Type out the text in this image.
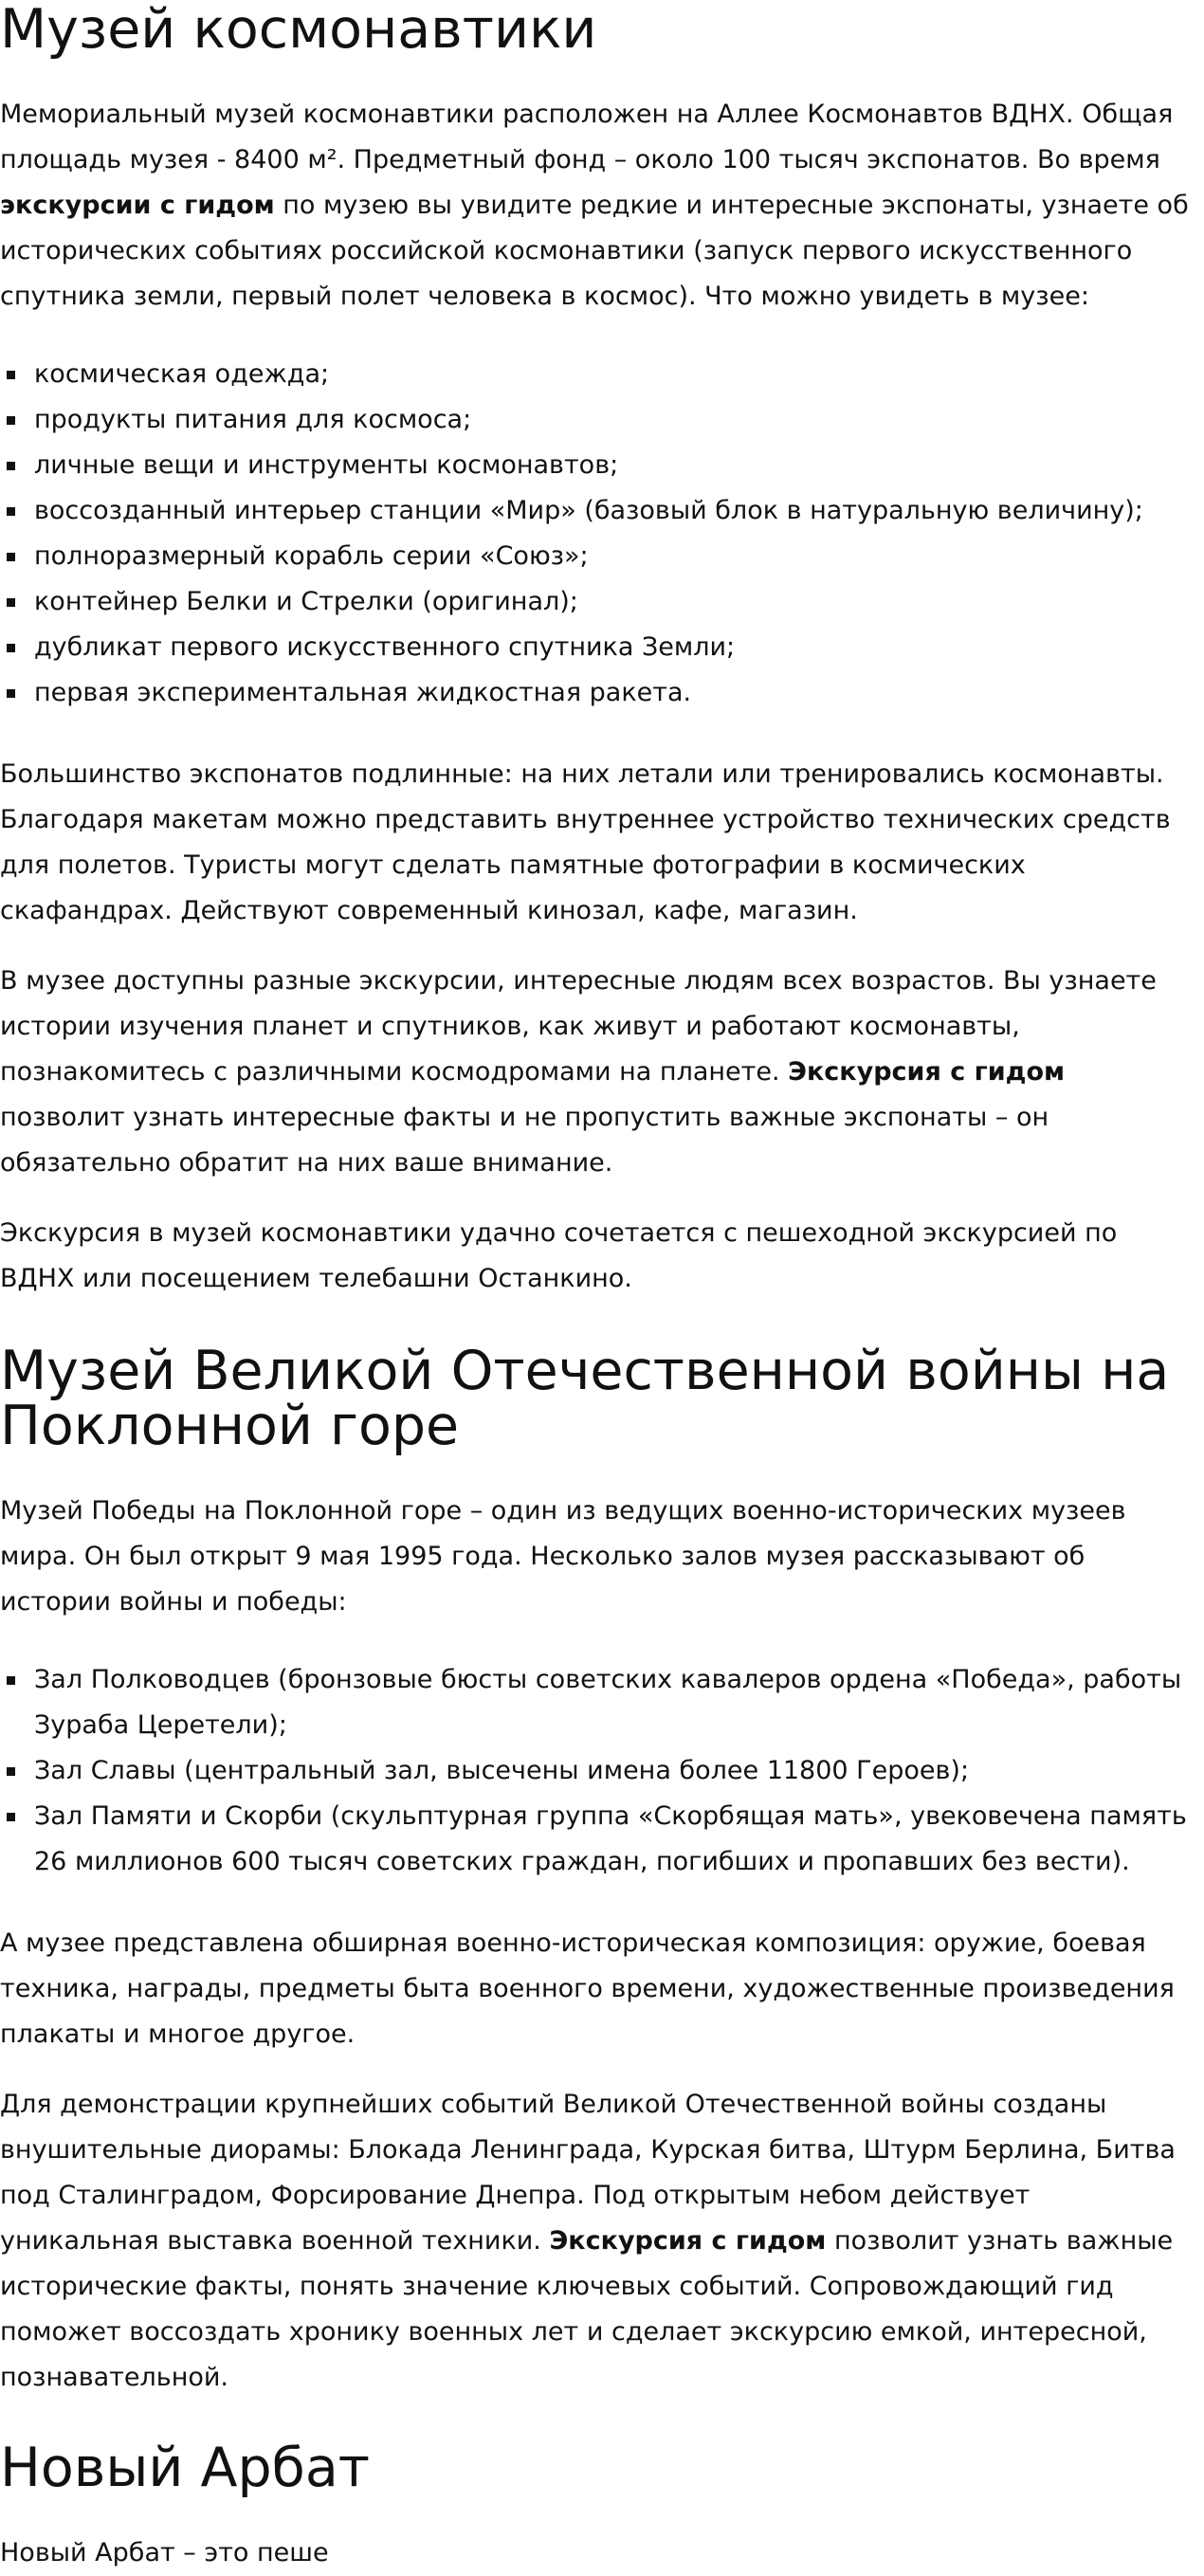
Музей космонавтики

Мемориальный музей космонавтики расположен на Аллее Космонавтов ВДНХ. Общая площадь музея - 8400 м². Предметный фонд – около 100 тысяч экспонатов. Во время экскурсии с гидом по музею вы увидите редкие и интересные экспонаты, узнаете об исторических событиях российской космонавтики (запуск первого искусственного спутника земли, первый полет человека в космос). Что можно увидеть в музее:

космическая одежда;
продукты питания для космоса;
личные вещи и инструменты космонавтов;
воссозданный интерьер станции «Мир» (базовый блок в натуральную величину);
полноразмерный корабль серии «Союз»;
контейнер Белки и Стрелки (оригинал);
дубликат первого искусственного спутника Земли;
первая экспериментальная жидкостная ракета.

Большинство экспонатов подлинные: на них летали или тренировались космонавты. Благодаря макетам можно представить внутреннее устройство технических средств для полетов. Туристы могут сделать памятные фотографии в космических скафандрах. Действуют современный кинозал, кафе, магазин.

В музее доступны разные экскурсии, интересные людям всех возрастов. Вы узнаете истории изучения планет и спутников, как живут и работают космонавты, познакомитесь с различными космодромами на планете. Экскурсия с гидом позволит узнать интересные факты и не пропустить важные экспонаты – он обязательно обратит на них ваше внимание.

Экскурсия в музей космонавтики удачно сочетается с пешеходной экскурсией по ВДНХ или посещением телебашни Останкино.

Музей Великой Отечественной войны на Поклонной горе

Музей Победы на Поклонной горе – один из ведущих военно-исторических музеев мира. Он был открыт 9 мая 1995 года. Несколько залов музея рассказывают об истории войны и победы:

Зал Полководцев (бронзовые бюсты советских кавалеров ордена «Победа», работы Зураба Церетели);
Зал Славы (центральный зал, высечены имена более 11800 Героев);
Зал Памяти и Скорби (скульптурная группа «Скорбящая мать», увековечена память 26 миллионов 600 тысяч советских граждан, погибших и пропавших без вести).

А музее представлена обширная военно-историческая композиция: оружие, боевая техника, награды, предметы быта военного времени, художественные произведения плакаты и многое другое.

Для демонстрации крупнейших событий Великой Отечественной войны созданы внушительные диорамы: Блокада Ленинграда, Курская битва, Штурм Берлина, Битва под Сталинградом, Форсирование Днепра. Под открытым небом действует уникальная выставка военной техники. Экскурсия с гидом позволит узнать важные исторические факты, понять значение ключевых событий. Сопровождающий гид поможет воссоздать хронику военных лет и сделает экскурсию емкой, интересной, познавательной.

Новый Арбат

Новый Арбат – это пеше
